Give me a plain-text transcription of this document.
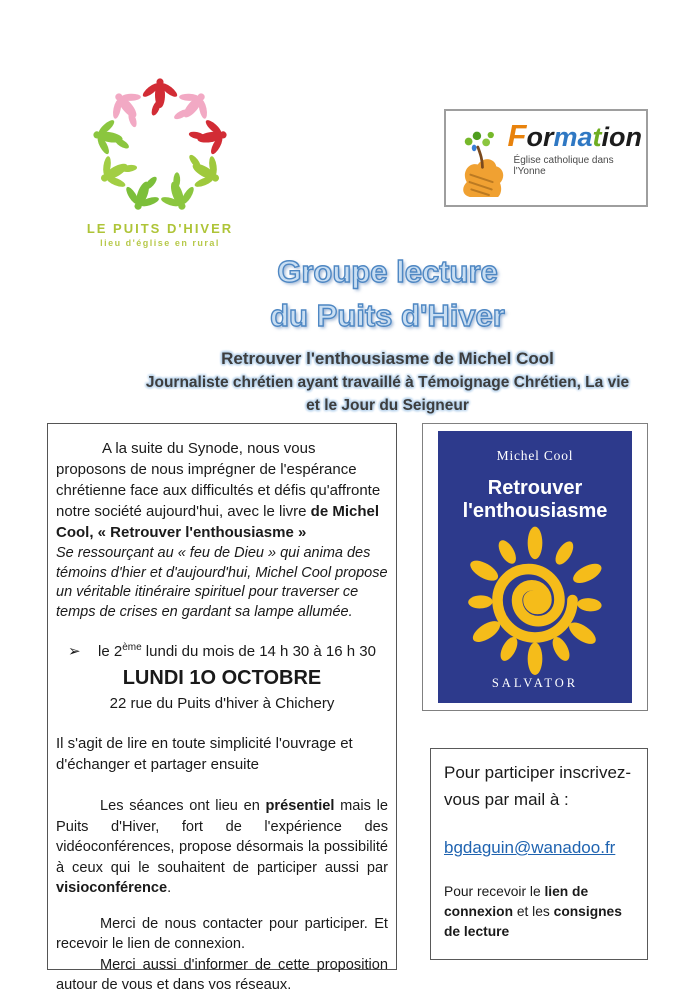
LE PUITS D'HIVER
lieu d'église en rural
Formation
Église catholique dans l'Yonne
Groupe lecture
du Puits d'Hiver
Retrouver l'enthousiasme de Michel Cool
Journaliste chrétien ayant travaillé à Témoignage Chrétien, La vie
et le Jour du Seigneur

A la suite du Synode, nous vous proposons de nous imprégner de l'espérance chrétienne face aux difficultés et défis qu'affronte notre société aujourd'hui, avec le livre de Michel Cool, « Retrouver l'enthousiasme »

Se ressourçant au « feu de Dieu » qui anima des témoins d'hier et d'aujourd'hui, Michel Cool propose un véritable itinéraire spirituel pour traverser ce temps de crises en gardant sa lampe allumée.

➢ le 2ème lundi du mois de 14 h 30 à 16 h 30

LUNDI 1O OCTOBRE

22 rue du Puits d'hiver à Chichery

Il s'agit de lire en toute simplicité l'ouvrage et d'échanger et partager ensuite

Les séances ont lieu en présentiel mais le Puits d'Hiver, fort de l'expérience des vidéoconférences, propose désormais la possibilité à ceux qui le souhaitent de participer aussi par visioconférence.

Merci de nous contacter pour participer. Et recevoir le lien de connexion.

Merci aussi d'informer de cette proposition autour de vous et dans vos réseaux.

Michel Cool
Retrouver
l'enthousiasme
SALVATOR
Pour participer inscrivez-vous par mail à :
bgdaguin@wanadoo.fr
Pour recevoir le lien de connexion et les consignes de lecture
